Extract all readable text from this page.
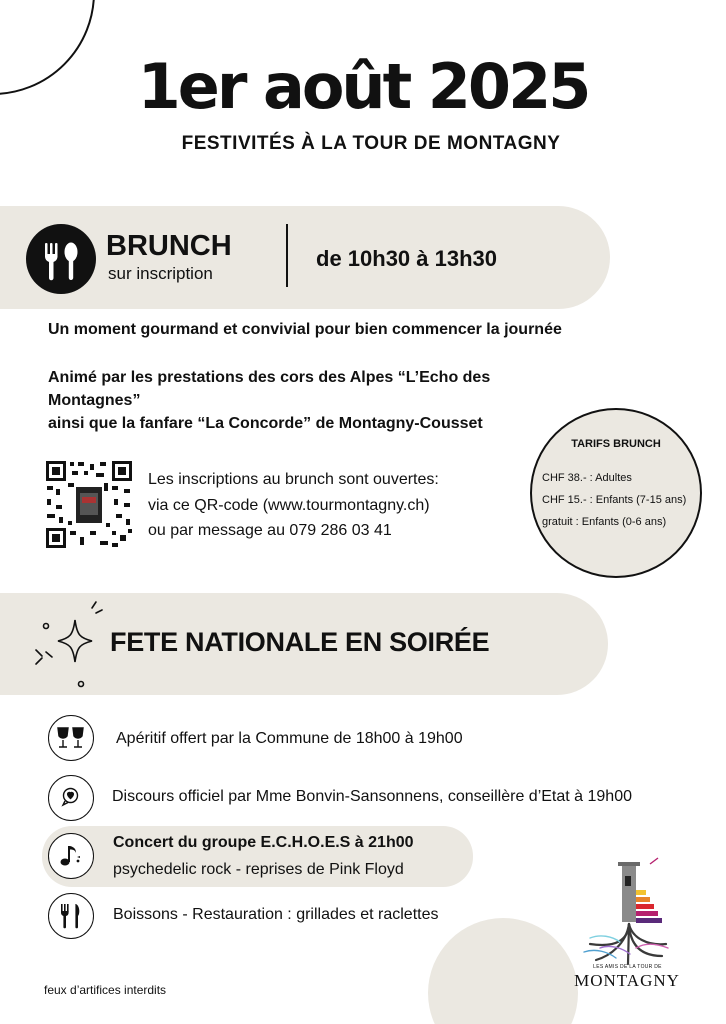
1er août 2025
FESTIVITÉS À LA TOUR DE MONTAGNY
BRUNCH
sur inscription
de 10h30 à 13h30
Un moment gourmand et convivial pour bien commencer la journée
Animé par les prestations des cors des Alpes “L’Echo des
Montagnes”
ainsi que la fanfare “La Concorde” de Montagny-Cousset
TARIFS BRUNCH
CHF 38.- : Adultes
CHF 15.- : Enfants (7-15 ans)
gratuit : Enfants (0-6 ans)
Les inscriptions au brunch sont ouvertes:
via ce QR-code (www.tourmontagny.ch)
ou par message au 079 286 03 41
FETE NATIONALE EN SOIRÉE
Apéritif offert par la Commune de 18h00 à 19h00
Discours officiel par Mme Bonvin-Sansonnens, conseillère d’Etat à 19h00
Concert du groupe E.C.H.O.E.S à 21h00
psychedelic rock - reprises de Pink Floyd
Boissons - Restauration : grillades et raclettes
feux d’artifices interdits
LES AMIS DE LA TOUR DE
MONTAGNY
